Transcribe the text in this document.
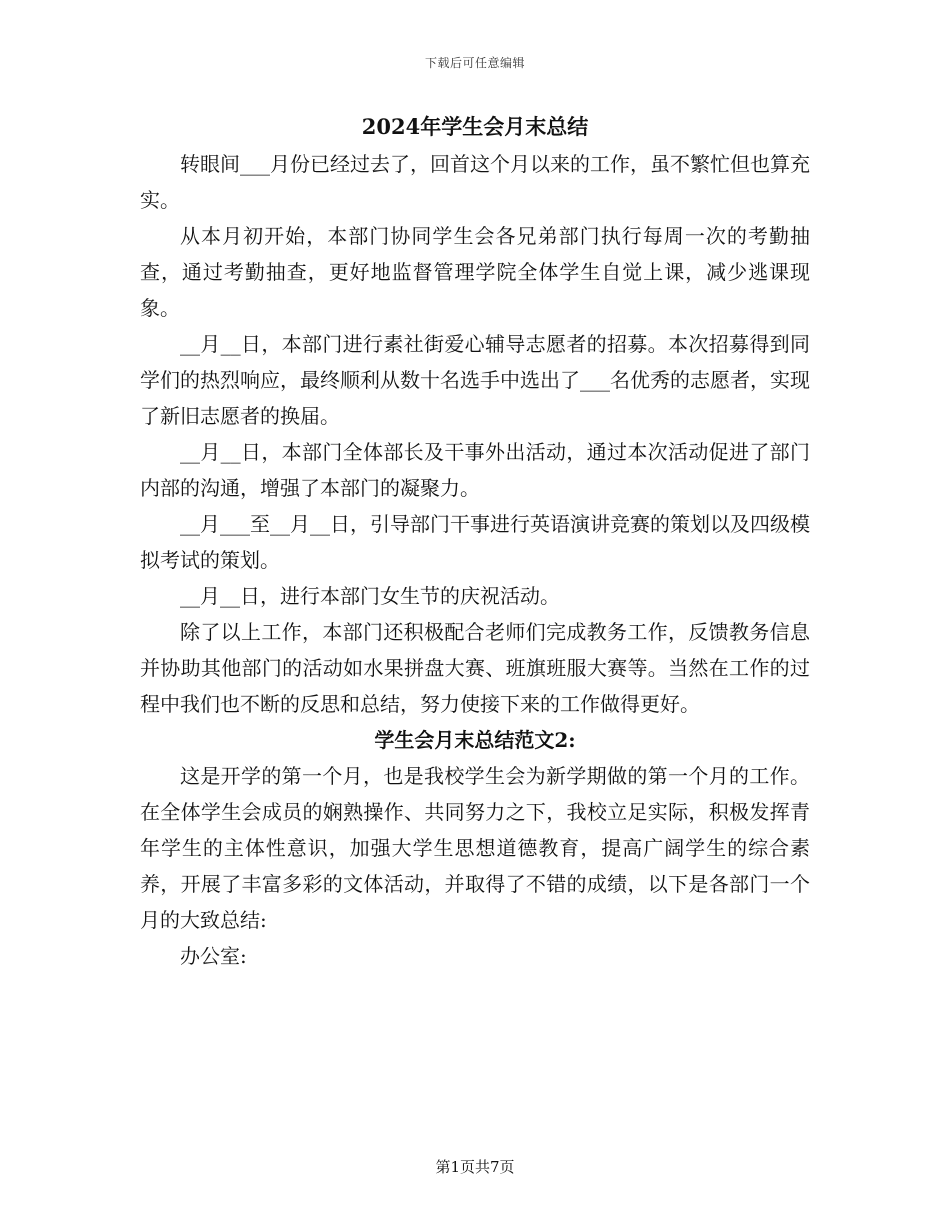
下载后可任意编辑
2024年学生会月末总结

转眼间___月份已经过去了，回首这个月以来的工作，虽不繁忙但也算充实。

从本月初开始，本部门协同学生会各兄弟部门执行每周一次的考勤抽查，通过考勤抽查，更好地监督管理学院全体学生自觉上课，减少逃课现象。

__月__日，本部门进行素社街爱心辅导志愿者的招募。本次招募得到同学们的热烈响应，最终顺利从数十名选手中选出了___名优秀的志愿者，实现了新旧志愿者的换届。

__月__日，本部门全体部长及干事外出活动，通过本次活动促进了部门内部的沟通，增强了本部门的凝聚力。

__月___至__月__日，引导部门干事进行英语演讲竞赛的策划以及四级模拟考试的策划。

__月__日，进行本部门女生节的庆祝活动。

除了以上工作，本部门还积极配合老师们完成教务工作，反馈教务信息并协助其他部门的活动如水果拼盘大赛、班旗班服大赛等。当然在工作的过程中我们也不断的反思和总结，努力使接下来的工作做得更好。

学生会月末总结范文2:

这是开学的第一个月，也是我校学生会为新学期做的第一个月的工作。在全体学生会成员的娴熟操作、共同努力之下，我校立足实际，积极发挥青年学生的主体性意识，加强大学生思想道德教育，提高广阔学生的综合素养，开展了丰富多彩的文体活动，并取得了不错的成绩，以下是各部门一个月的大致总结:

办公室:

第1页共7页
